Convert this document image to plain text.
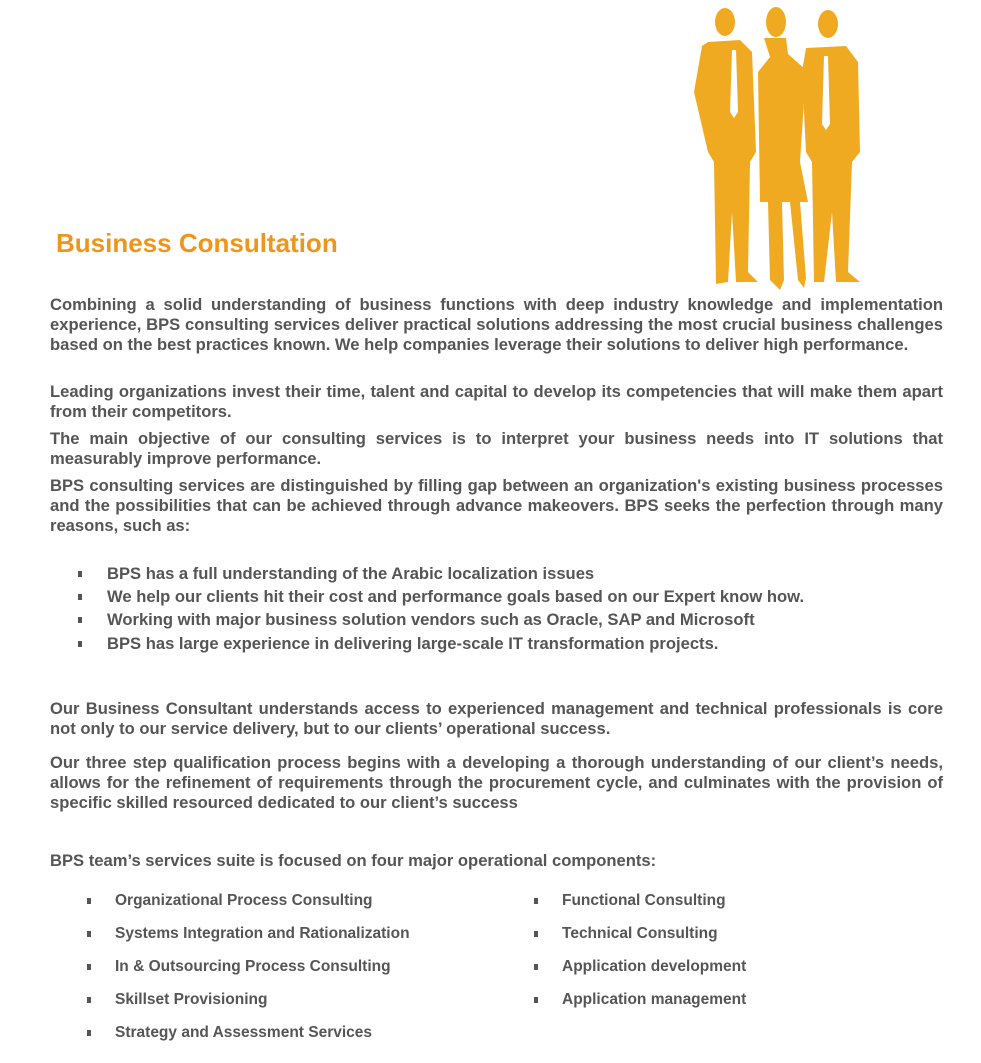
Business Consultation

Combining a solid understanding of business functions with deep industry knowledge and implementation experience, BPS consulting services deliver practical solutions addressing the most crucial business challenges based on the best practices known. We help companies leverage their solutions to deliver high performance.

Leading organizations invest their time, talent and capital to develop its competencies that will make them apart from their competitors.

The main objective of our consulting services is to interpret your business needs into IT solutions that measurably improve performance.

BPS consulting services are distinguished by filling gap between an organization's existing business processes and the possibilities that can be achieved through advance makeovers. BPS seeks the perfection through many reasons, such as:

BPS has a full understanding of the Arabic localization issues
We help our clients hit their cost and performance goals based on our Expert know how.
Working with major business solution vendors such as Oracle, SAP and Microsoft
BPS has large experience in delivering large-scale IT transformation projects.

Our Business Consultant understands access to experienced management and technical professionals is core not only to our service delivery, but to our clients’ operational success.

Our three step qualification process begins with a developing a thorough understanding of our client’s needs, allows for the refinement of requirements through the procurement cycle, and culminates with the provision of specific skilled resourced dedicated to our client’s success

BPS team’s services suite is focused on four major operational components:

Organizational Process Consulting
Systems Integration and Rationalization
In & Outsourcing Process Consulting
Skillset Provisioning
Strategy and Assessment Services
Functional Consulting
Technical Consulting
Application development
Application management
